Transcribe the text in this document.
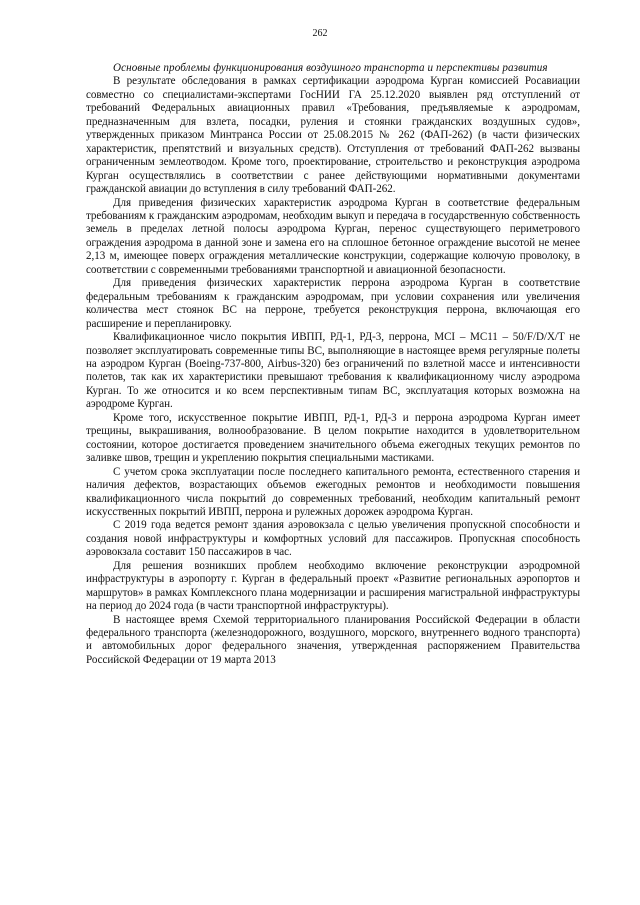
262

Основные проблемы функционирования воздушного транспорта и перспективы развития

В результате обследования в рамках сертификации аэродрома Курган комиссией Росавиации совместно со специалистами-экспертами ГосНИИ ГА 25.12.2020 выявлен ряд отступлений от требований Федеральных авиационных правил «Требования, предъявляемые к аэродромам, предназначенным для взлета, посадки, руления и стоянки гражданских воздушных судов», утвержденных приказом Минтранса России от 25.08.2015 № 262 (ФАП-262) (в части физических характеристик, препятствий и визуальных средств). Отступления от требований ФАП-262 вызваны ограниченным землеотводом. Кроме того, проектирование, строительство и реконструкция аэродрома Курган осуществлялись в соответствии с ранее действующими нормативными документами гражданской авиации до вступления в силу требований ФАП-262.

Для приведения физических характеристик аэродрома Курган в соответствие федеральным требованиям к гражданским аэродромам, необходим выкуп и передача в государственную собственность земель в пределах летной полосы аэродрома Курган, перенос существующего периметрового ограждения аэродрома в данной зоне и замена его на сплошное бетонное ограждение высотой не менее 2,13 м, имеющее поверх ограждения металлические конструкции, содержащие колючую проволоку, в соответствии с современными требованиями транспортной и авиационной безопасности.

Для приведения физических характеристик перрона аэродрома Курган в соответствие федеральным требованиям к гражданским аэродромам, при условии сохранения или увеличения количества мест стоянок ВС на перроне, требуется реконструкция перрона, включающая его расширение и перепланировку.

Квалификационное число покрытия ИВПП, РД-1, РД-3, перрона, MCI – MC11 – 50/F/D/X/T не позволяет эксплуатировать современные типы ВС, выполняющие в настоящее время регулярные полеты на аэродром Курган (Boeing-737-800, Airbus-320) без ограничений по взлетной массе и интенсивности полетов, так как их характеристики превышают требования к квалификационному числу аэродрома Курган. То же относится и ко всем перспективным типам ВС, эксплуатация которых возможна на аэродроме Курган.

Кроме того, искусственное покрытие ИВПП, РД-1, РД-3 и перрона аэродрома Курган имеет трещины, выкрашивания, волнообразование. В целом покрытие находится в удовлетворительном состоянии, которое достигается проведением значительного объема ежегодных текущих ремонтов по заливке швов, трещин и укреплению покрытия специальными мастиками.

С учетом срока эксплуатации после последнего капитального ремонта, естественного старения и наличия дефектов, возрастающих объемов ежегодных ремонтов и необходимости повышения квалификационного числа покрытий до современных требований, необходим капитальный ремонт искусственных покрытий ИВПП, перрона и рулежных дорожек аэродрома Курган.

С 2019 года ведется ремонт здания аэровокзала с целью увеличения пропускной способности и создания новой инфраструктуры и комфортных условий для пассажиров. Пропускная способность аэровокзала составит 150 пассажиров в час.

Для решения возникших проблем необходимо включение реконструкции аэродромной инфраструктуры в аэропорту г. Курган в федеральный проект «Развитие региональных аэропортов и маршрутов» в рамках Комплексного плана модернизации и расширения магистральной инфраструктуры на период до 2024 года (в части транспортной инфраструктуры).

В настоящее время Схемой территориального планирования Российской Федерации в области федерального транспорта (железнодорожного, воздушного, морского, внутреннего водного транспорта) и автомобильных дорог федерального значения, утвержденная распоряжением Правительства Российской Федерации от 19 марта 2013
